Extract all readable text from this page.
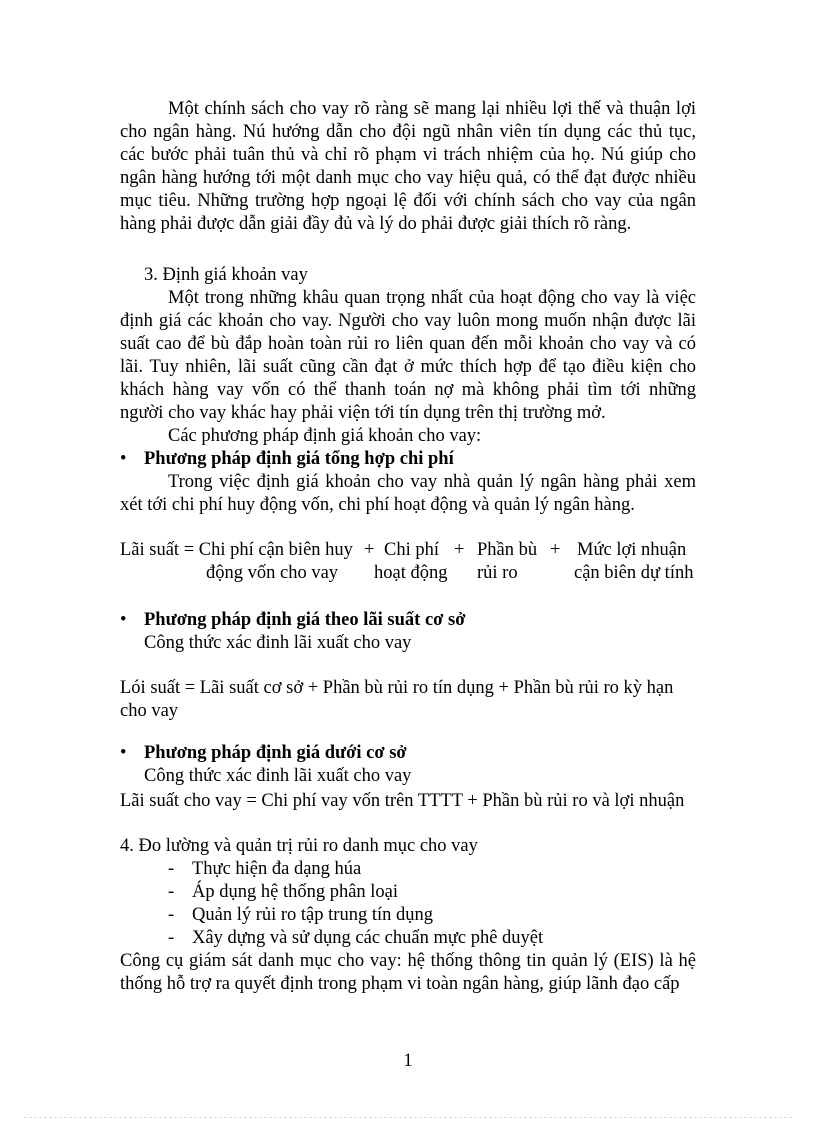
Một chính sách cho vay rõ ràng sẽ mang lại nhiều lợi thế và thuận lợi
cho ngân hàng. Nú hướng dẫn cho đội ngũ nhân viên tín dụng các thủ tục,
các bước phải tuân thủ và chỉ rõ phạm vi trách nhiệm của họ. Nú giúp cho
ngân hàng hướng tới một danh mục cho vay hiệu quả, có thể đạt được nhiều
mục tiêu. Những trường hợp ngoại lệ đối với chính sách cho vay của ngân
hàng phải được dẫn giải đầy đủ và lý do phải được giải thích rõ ràng.
3. Định giá khoản vay
Một trong những khâu quan trọng nhất của hoạt động cho vay là việc
định giá các khoản cho vay. Người cho vay luôn mong muốn nhận được lãi
suất cao để bù đắp hoàn toàn rủi ro liên quan đến mỗi khoản cho vay và có
lãi. Tuy nhiên, lãi suất cũng cần đạt ở mức thích hợp để tạo điều kiện cho
khách hàng vay vốn có thể thanh toán nợ mà không phải tìm tới những
người cho vay khác hay phải viện tới tín dụng trên thị trường mở.
Các phương pháp định giá khoản cho vay:
• Phương pháp định giá tổng hợp chi phí
Trong việc định giá khoản cho vay nhà quản lý ngân hàng phải xem
xét tới chi phí huy động vốn, chi phí hoạt động và quản lý ngân hàng.
Lãi suất = Chi phí cận biên huy + Chi phí + Phần bù + Mức lợi nhuận
động vốn cho vay hoạt động rủi ro	cận biên dự tính
• Phương pháp định giá theo lãi suất cơ sở
Công thức xác đinh lãi xuất cho vay
Lói suất = Lãi suất cơ sở + Phần bù rủi ro tín dụng + Phần bù rủi ro kỳ hạn
cho vay
• Phương pháp định giá dưới cơ sở
Công thức xác đinh lãi xuất cho vay
Lãi suất cho vay = Chi phí vay vốn trên TTTT + Phần bù rủi ro và lợi nhuận
4. Đo lường và quản trị rủi ro danh mục cho vay
- Thực hiện đa dạng húa
- Áp dụng hệ thống phân loại
- Quản lý rủi ro tập trung tín dụng
- Xây dựng và sử dụng các chuẩn mực phê duyệt
Công cụ giám sát danh mục cho vay: hệ thống thông tin quản lý (EIS) là hệ
thống hỗ trợ ra quyết định trong phạm vi toàn ngân hàng, giúp lãnh đạo cấp
1
